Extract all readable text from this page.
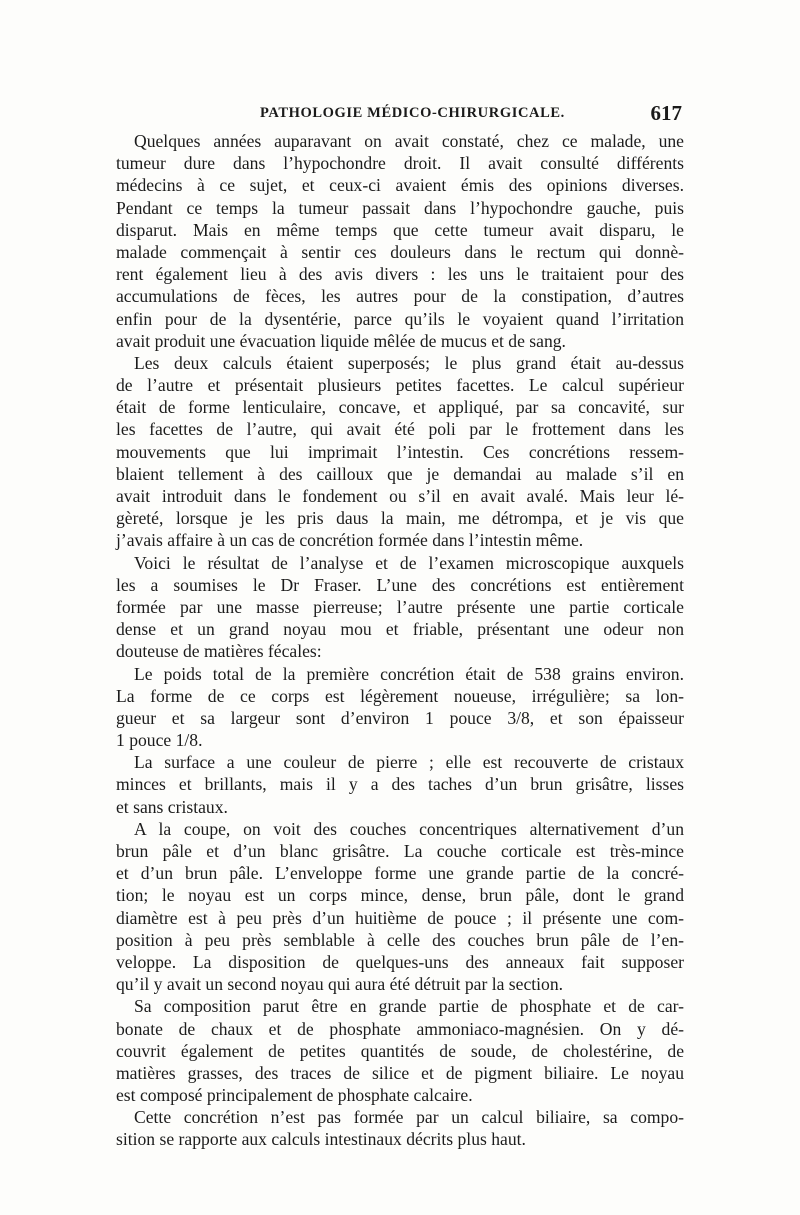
PATHOLOGIE MÉDICO-CHIRURGICALE.	617
Quelques années auparavant on avait constaté, chez ce malade, une
tumeur dure dans l’hypochondre droit. Il avait consulté différents
médecins à ce sujet, et ceux-ci avaient émis des opinions diverses.
Pendant ce temps la tumeur passait dans l’hypochondre gauche, puis
disparut. Mais en même temps que cette tumeur avait disparu, le
malade commençait à sentir ces douleurs dans le rectum qui donnè-
rent également lieu à des avis divers : les uns le traitaient pour des
accumulations de fèces, les autres pour de la constipation, d’autres
enfin pour de la dysentérie, parce qu’ils le voyaient quand l’irritation
avait produit une évacuation liquide mêlée de mucus et de sang.
Les deux calculs étaient superposés; le plus grand était au-dessus
de l’autre et présentait plusieurs petites facettes. Le calcul supérieur
était de forme lenticulaire, concave, et appliqué, par sa concavité, sur
les facettes de l’autre, qui avait été poli par le frottement dans les
mouvements que lui imprimait l’intestin. Ces concrétions ressem-
blaient tellement à des cailloux que je demandai au malade s’il en
avait introduit dans le fondement ou s’il en avait avalé. Mais leur lé-
gèreté, lorsque je les pris daus la main, me détrompa, et je vis que
j’avais affaire à un cas de concrétion formée dans l’intestin même.
Voici le résultat de l’analyse et de l’examen microscopique auxquels
les a soumises le Dr Fraser. L’une des concrétions est entièrement
formée par une masse pierreuse; l’autre présente une partie corticale
dense et un grand noyau mou et friable, présentant une odeur non
douteuse de matières fécales:
Le poids total de la première concrétion était de 538 grains environ.
La forme de ce corps est légèrement noueuse, irrégulière; sa lon-
gueur et sa largeur sont d’environ 1 pouce 3/8, et son épaisseur
1 pouce 1/8.
La surface a une couleur de pierre ; elle est recouverte de cristaux
minces et brillants, mais il y a des taches d’un brun grisâtre, lisses
et sans cristaux.
A la coupe, on voit des couches concentriques alternativement d’un
brun pâle et d’un blanc grisâtre. La couche corticale est très-mince
et d’un brun pâle. L’enveloppe forme une grande partie de la concré-
tion; le noyau est un corps mince, dense, brun pâle, dont le grand
diamètre est à peu près d’un huitième de pouce ; il présente une com-
position à peu près semblable à celle des couches brun pâle de l’en-
veloppe. La disposition de quelques-uns des anneaux fait supposer
qu’il y avait un second noyau qui aura été détruit par la section.
Sa composition parut être en grande partie de phosphate et de car-
bonate de chaux et de phosphate ammoniaco-magnésien. On y dé-
couvrit également de petites quantités de soude, de cholestérine, de
matières grasses, des traces de silice et de pigment biliaire. Le noyau
est composé principalement de phosphate calcaire.
Cette concrétion n’est pas formée par un calcul biliaire, sa compo-
sition se rapporte aux calculs intestinaux décrits plus haut.
